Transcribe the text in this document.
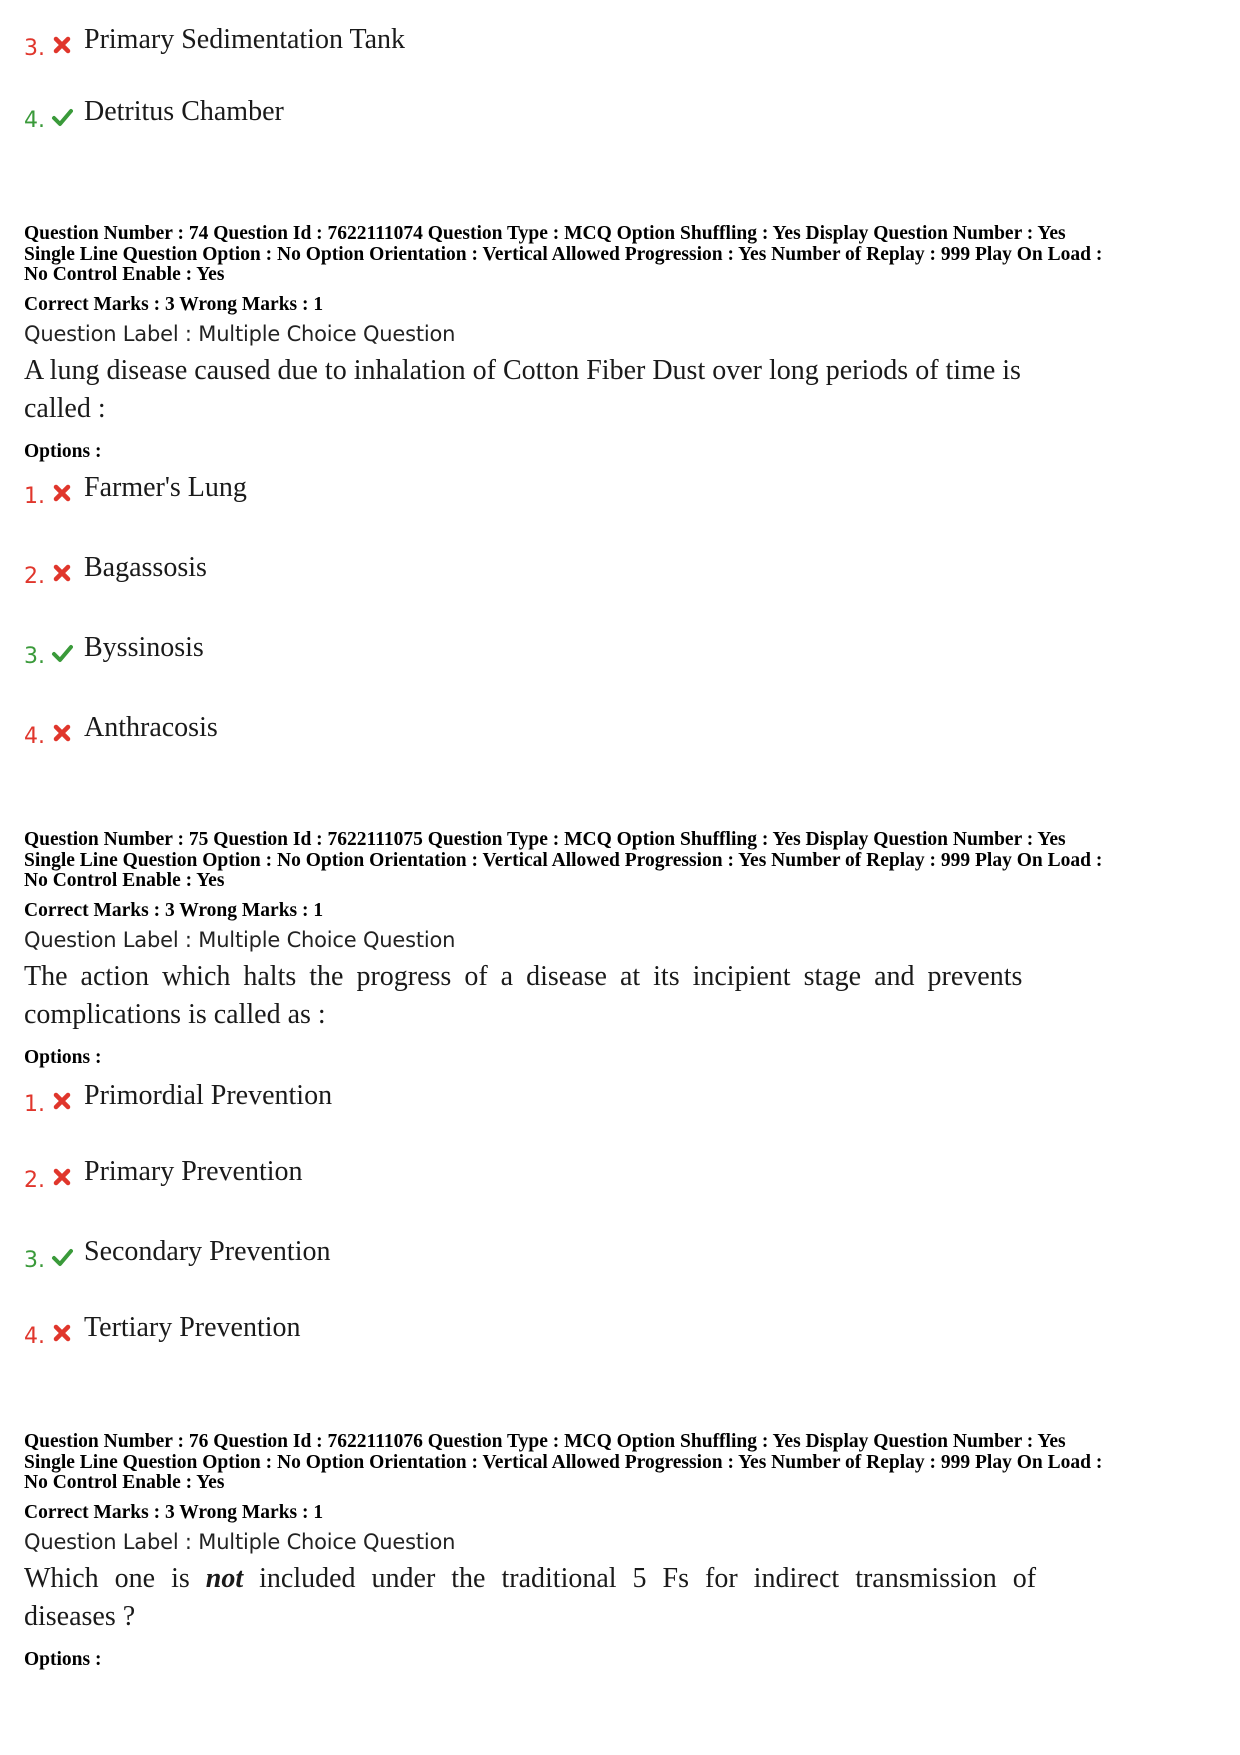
3. Primary Sedimentation Tank
4. Detritus Chamber
Question Number : 74 Question Id : 7622111074 Question Type : MCQ Option Shuffling : Yes Display Question Number : Yes
Single Line Question Option : No Option Orientation : Vertical Allowed Progression : Yes Number of Replay : 999 Play On Load :
No Control Enable : Yes
Correct Marks : 3 Wrong Marks : 1
Question Label : Multiple Choice Question
A lung disease caused due to inhalation of Cotton Fiber Dust over long periods of time is
called :
Options :
1. Farmer's Lung
2. Bagassosis
3. Byssinosis
4. Anthracosis
Question Number : 75 Question Id : 7622111075 Question Type : MCQ Option Shuffling : Yes Display Question Number : Yes
Single Line Question Option : No Option Orientation : Vertical Allowed Progression : Yes Number of Replay : 999 Play On Load :
No Control Enable : Yes
Correct Marks : 3 Wrong Marks : 1
Question Label : Multiple Choice Question
The action which halts the progress of a disease at its incipient stage and prevents
complications is called as :
Options :
1. Primordial Prevention
2. Primary Prevention
3. Secondary Prevention
4. Tertiary Prevention
Question Number : 76 Question Id : 7622111076 Question Type : MCQ Option Shuffling : Yes Display Question Number : Yes
Single Line Question Option : No Option Orientation : Vertical Allowed Progression : Yes Number of Replay : 999 Play On Load :
No Control Enable : Yes
Correct Marks : 3 Wrong Marks : 1
Question Label : Multiple Choice Question
Which one is not included under the traditional 5 Fs for indirect transmission of
diseases ?
Options :
